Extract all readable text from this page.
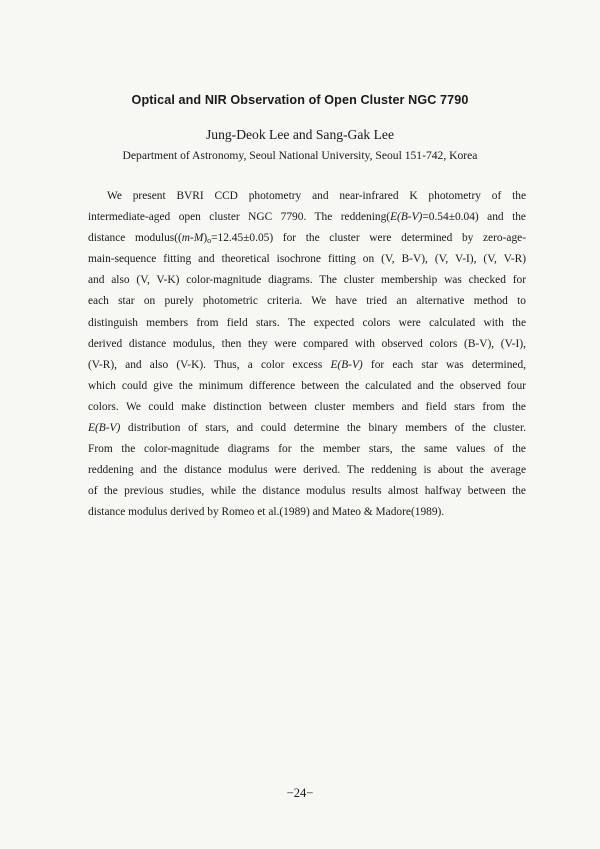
Optical and NIR Observation of Open Cluster NGC 7790
Jung-Deok Lee and Sang-Gak Lee
Department of Astronomy, Seoul National University, Seoul 151-742, Korea
We present BVRI CCD photometry and near-infrared K photometry of the
intermediate-aged open cluster NGC 7790. The reddening(E(B-V)=0.54±0.04) and the
distance $modulus((m-M)_o=12.45\pm 0.05)$ for the cluster were determined by zero-age-
main-sequence fitting and theoretical isochrone fitting on (V, B-V), (V, V-I), (V, V-R)
and also (V, V-K) color-magnitude diagrams. The cluster membership was checked for
each star on purely photometric criteria. We have tried an alternative method to
distinguish members from field stars. The expected colors were calculated with the
derived distance modulus, then they were compared with observed colors (B-V), (V-I),
(V-R), and also (V-K). Thus, a color excess E(B-V) for each star was determined,
which could give the minimum difference between the calculated and the observed four
colors. We could make distinction between cluster members and field stars from the
E(B-V) distribution of stars, and could determine the binary members of the cluster.
From the color-magnitude diagrams for the member stars, the same values of the
reddening and the distance modulus were derived. The reddening is about the average
of the previous studies, while the distance modulus results almost halfway between the
distance modulus derived by Romeo et al.(1989) and Mateo & Madore(1989).
−24−
